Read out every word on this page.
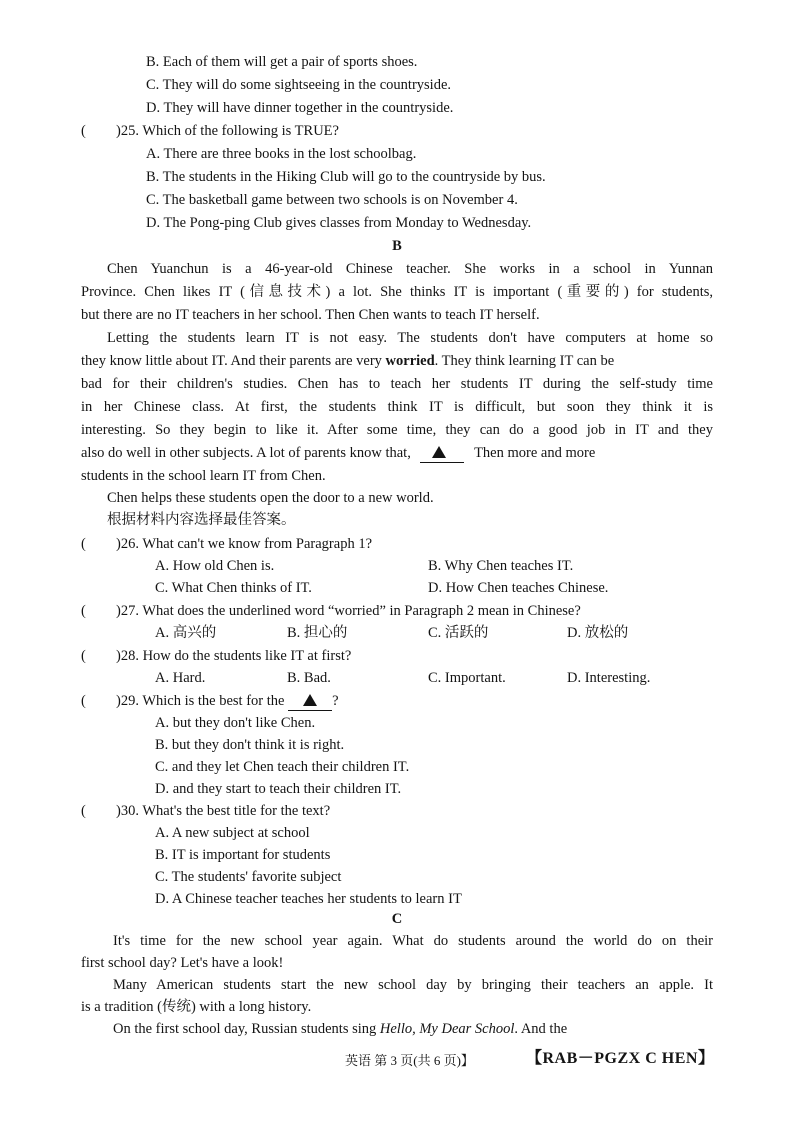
B. Each of them will get a pair of sports shoes.
C. They will do some sightseeing in the countryside.
D. They will have dinner together in the countryside.
( )25. Which of the following is TRUE?
A. There are three books in the lost schoolbag.
B. The students in the Hiking Club will go to the countryside by bus.
C. The basketball game between two schools is on November 4.
D. The Pong-ping Club gives classes from Monday to Wednesday.
B
Chen Yuanchun is a 46-year-old Chinese teacher. She works in a school in Yunnan
Province. Chen likes IT (信息技术) a lot. She thinks IT is important (重要的) for students,
but there are no IT teachers in her school. Then Chen wants to teach IT herself.
Letting the students learn IT is not easy. The students don't have computers at home so
they know little about IT. And their parents are very worried. They think learning IT can be
bad for their children's studies. Chen has to teach her students IT during the self-study time
in her Chinese class. At first, the students think IT is difficult, but soon they think it is
interesting. So they begin to like it. After some time, they can do a good job in IT and they
also do well in other subjects. A lot of parents know that,	Then more and more
students in the school learn IT from Chen.
Chen helps these students open the door to a new world.
根据材料内容选择最佳答案。
( )26. What can't we know from Paragraph 1?
A. How old Chen is.	B. Why Chen teaches IT.
C. What Chen thinks of IT.	D. How Chen teaches Chinese.
( )27. What does the underlined word “worried” in Paragraph 2 mean in Chinese?
A. 高兴的	B. 担心的	C. 活跃的	D. 放松的
( )28. How do the students like IT at first?
A. Hard.	B. Bad.	C. Important.	D. Interesting.
( )29. Which is the best for the	?
A. but they don't like Chen.
B. but they don't think it is right.
C. and they let Chen teach their children IT.
D. and they start to teach their children IT.
( )30. What's the best title for the text?
A. A new subject at school
B. IT is important for students
C. The students' favorite subject
D. A Chinese teacher teaches her students to learn IT
C
It's time for the new school year again. What do students around the world do on their
first school day? Let's have a look!
Many American students start the new school day by bringing their teachers an apple. It
is a tradition (传统) with a long history.
On the first school day, Russian students sing Hello, My Dear School. And the
英语 第 3 页(共 6 页)】	【RAB－PGZX C HEN】
